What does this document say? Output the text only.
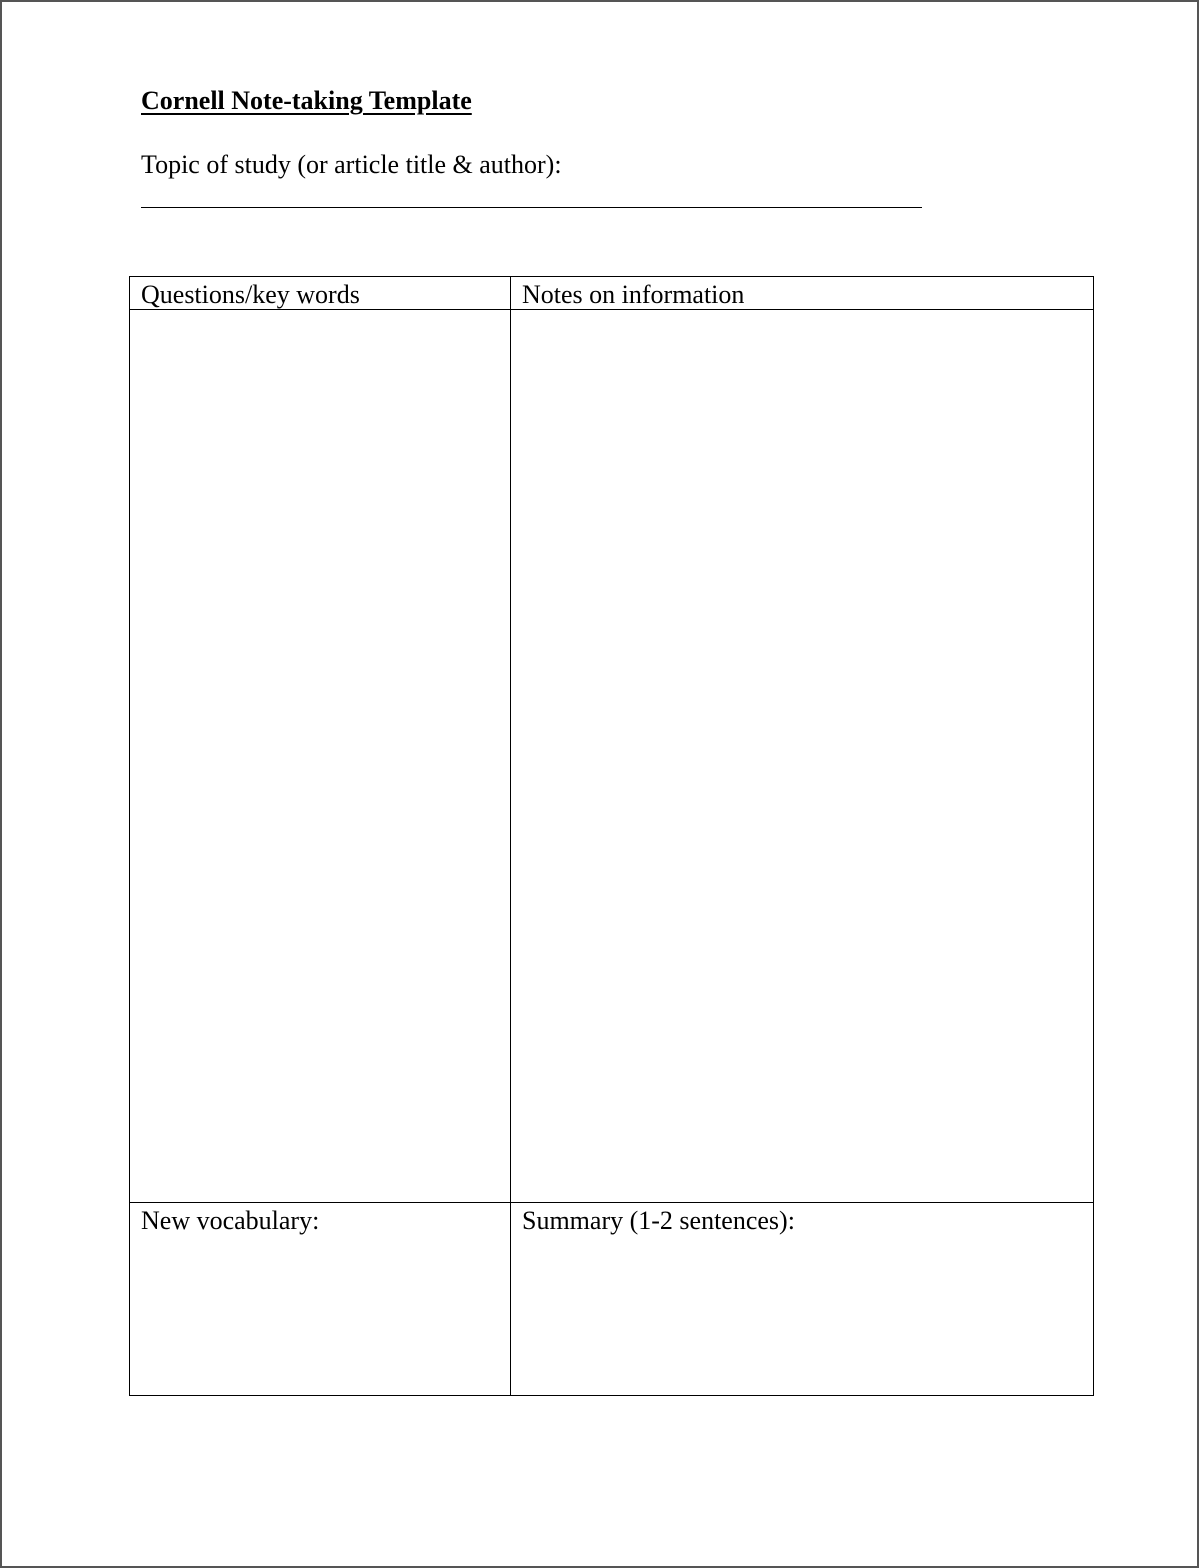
Cornell Note-taking Template
Topic of study (or article title & author):
Questions/key words	Notes on information
New vocabulary:	Summary (1-2 sentences):
